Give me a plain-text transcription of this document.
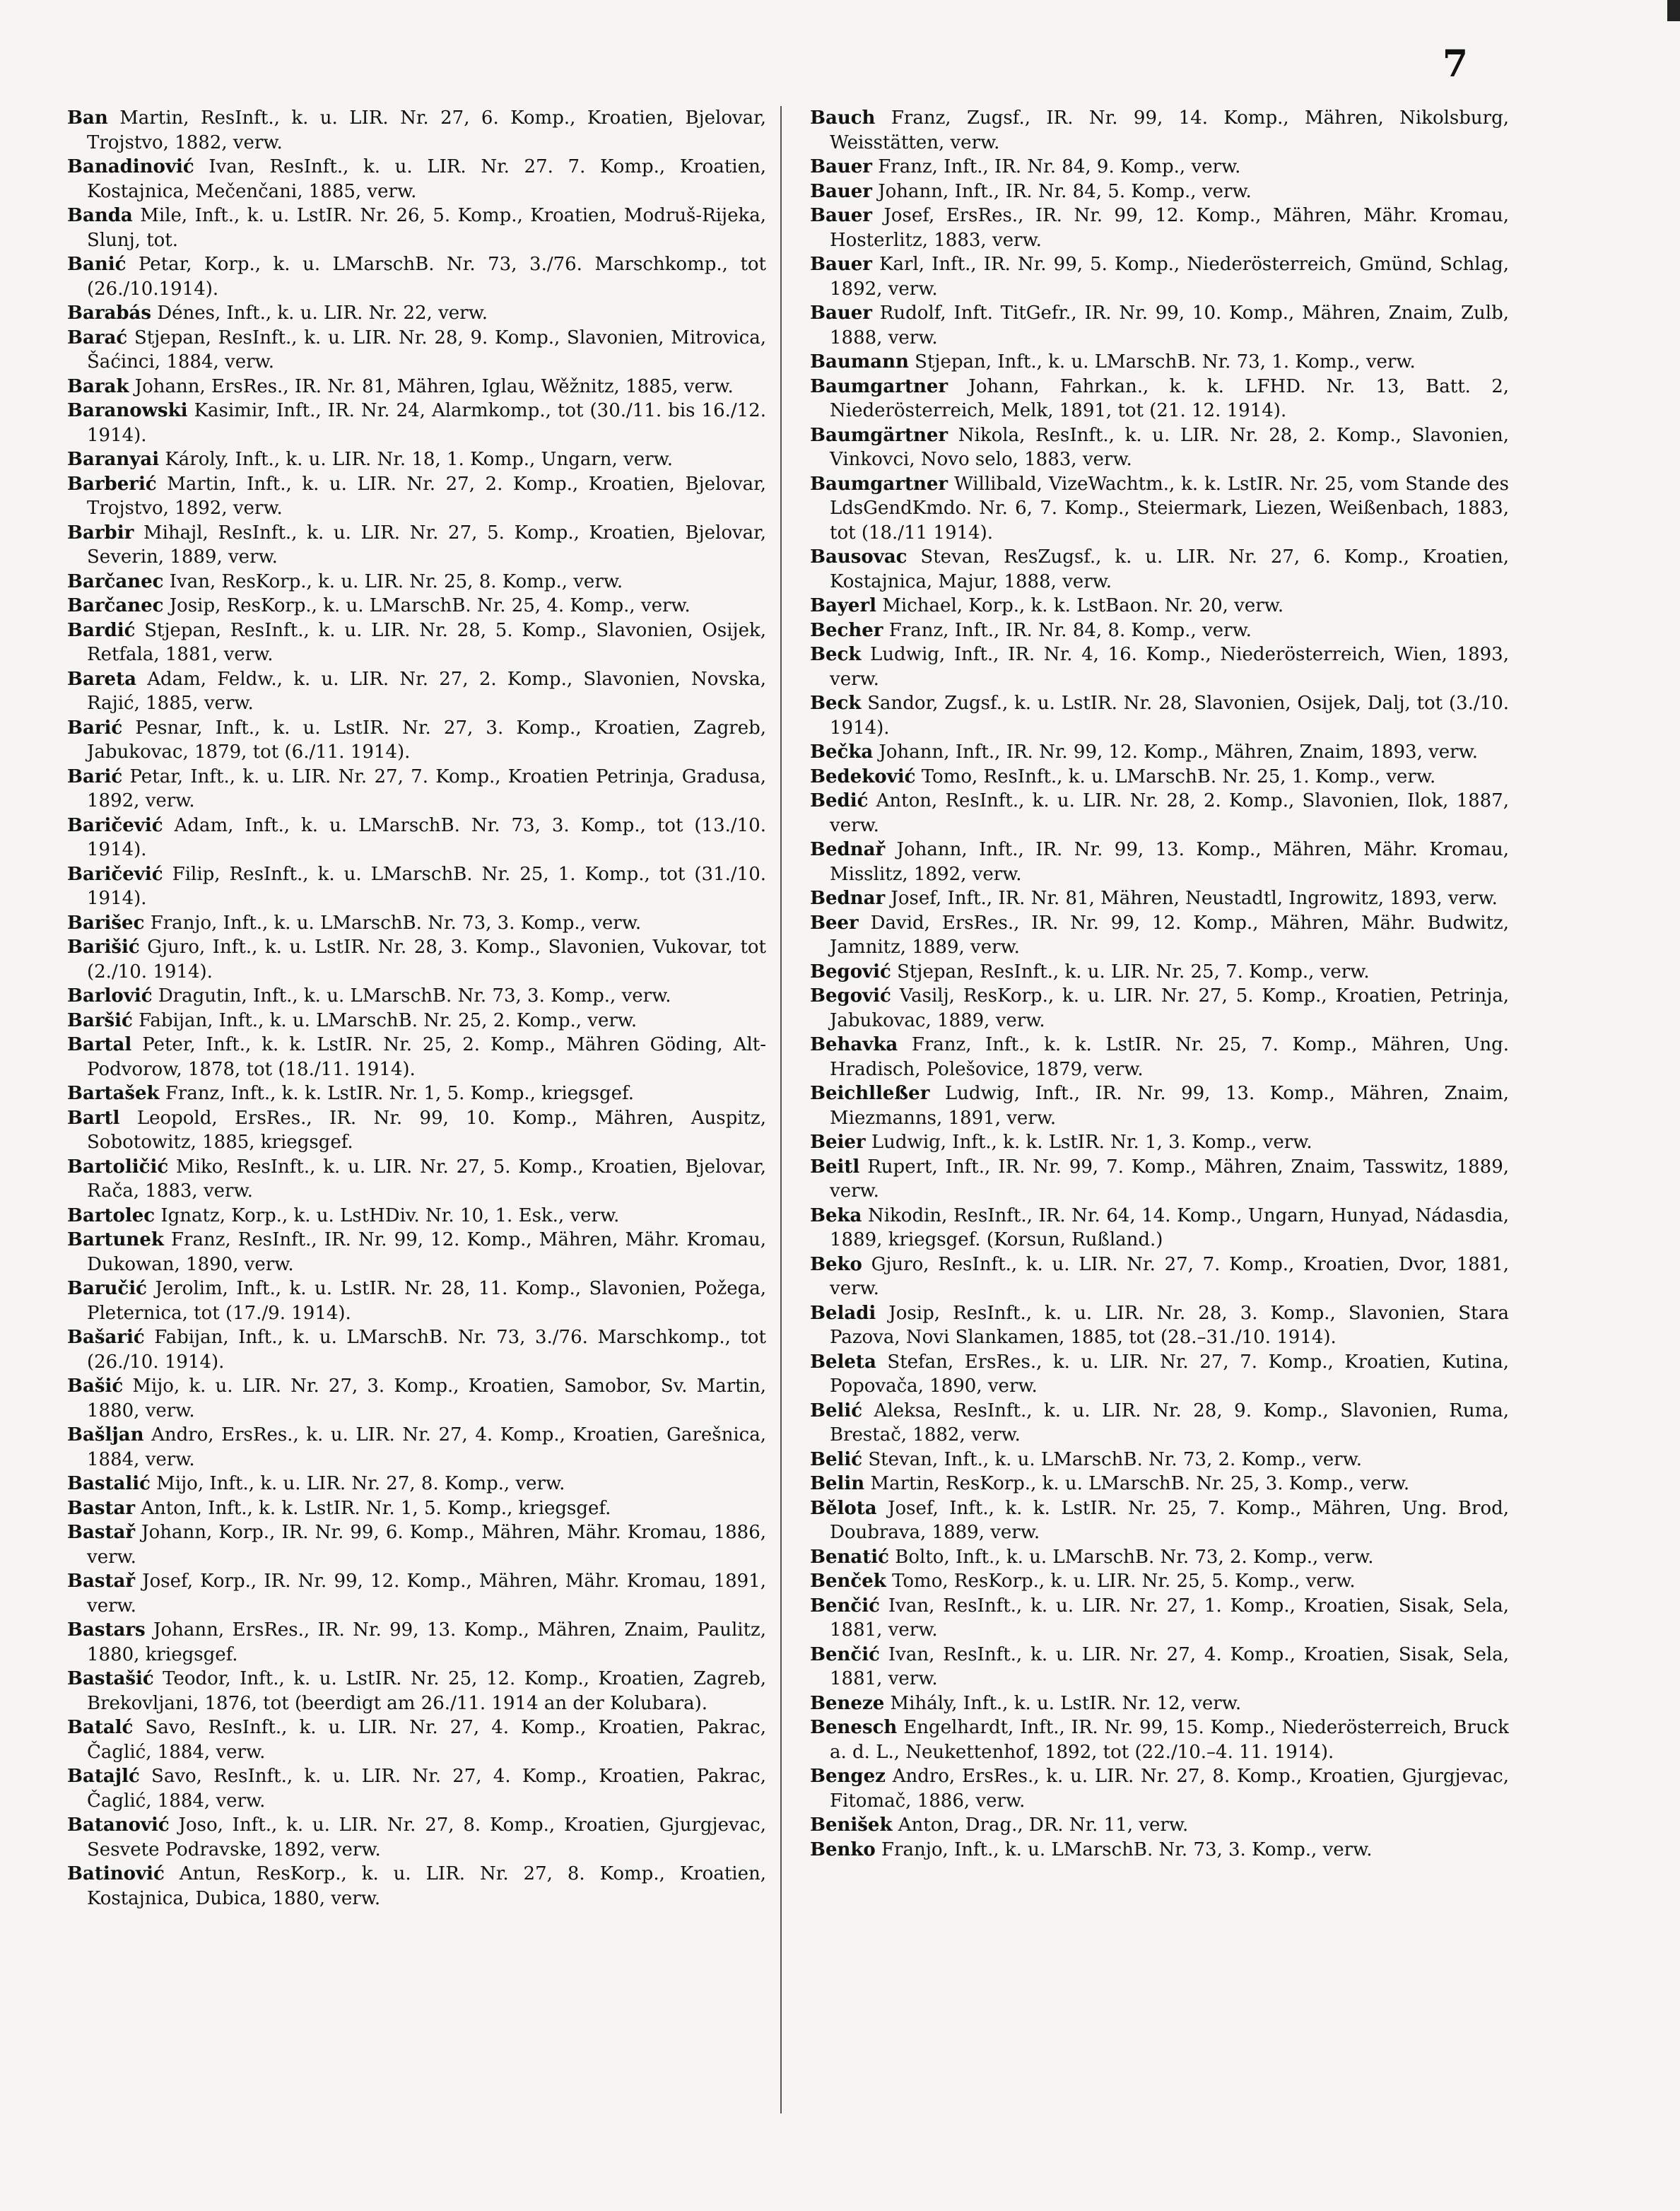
7

Ban Martin, ResInft., k. u. LIR. Nr. 27, 6. Komp., Kroatien, Bjelovar, Trojstvo, 1882, verw.

Banadinović Ivan, ResInft., k. u. LIR. Nr. 27. 7. Komp., Kroatien, Kostajnica, Mečenčani, 1885, verw.

Banda Mile, Inft., k. u. LstIR. Nr. 26, 5. Komp., Kroatien, Modruš-Rijeka, Slunj, tot.

Banić Petar, Korp., k. u. LMarschB. Nr. 73, 3./76. Marschkomp., tot (26./10.1914).

Barabás Dénes, Inft., k. u. LIR. Nr. 22, verw.

Barać Stjepan, ResInft., k. u. LIR. Nr. 28, 9. Komp., Slavonien, Mitrovica, Šaćinci, 1884, verw.

Barak Johann, ErsRes., IR. Nr. 81, Mähren, Iglau, Wěžnitz, 1885, verw.

Baranowski Kasimir, Inft., IR. Nr. 24, Alarmkomp., tot (30./11. bis 16./12. 1914).

Baranyai Károly, Inft., k. u. LIR. Nr. 18, 1. Komp., Ungarn, verw.

Barberić Martin, Inft., k. u. LIR. Nr. 27, 2. Komp., Kroatien, Bjelovar, Trojstvo, 1892, verw.

Barbir Mihajl, ResInft., k. u. LIR. Nr. 27, 5. Komp., Kroatien, Bjelovar, Severin, 1889, verw.

Barčanec Ivan, ResKorp., k. u. LIR. Nr. 25, 8. Komp., verw.

Barčanec Josip, ResKorp., k. u. LMarschB. Nr. 25, 4. Komp., verw.

Bardić Stjepan, ResInft., k. u. LIR. Nr. 28, 5. Komp., Slavonien, Osijek, Retfala, 1881, verw.

Bareta Adam, Feldw., k. u. LIR. Nr. 27, 2. Komp., Slavonien, Novska, Rajić, 1885, verw.

Barić Pesnar, Inft., k. u. LstIR. Nr. 27, 3. Komp., Kroatien, Zagreb, Jabukovac, 1879, tot (6./11. 1914).

Barić Petar, Inft., k. u. LIR. Nr. 27, 7. Komp., Kroatien Petrinja, Gradusa, 1892, verw.

Baričević Adam, Inft., k. u. LMarschB. Nr. 73, 3. Komp., tot (13./10. 1914).

Baričević Filip, ResInft., k. u. LMarschB. Nr. 25, 1. Komp., tot (31./10. 1914).

Barišec Franjo, Inft., k. u. LMarschB. Nr. 73, 3. Komp., verw.

Barišić Gjuro, Inft., k. u. LstIR. Nr. 28, 3. Komp., Slavonien, Vukovar, tot (2./10. 1914).

Barlović Dragutin, Inft., k. u. LMarschB. Nr. 73, 3. Komp., verw.

Baršić Fabijan, Inft., k. u. LMarschB. Nr. 25, 2. Komp., verw.

Bartal Peter, Inft., k. k. LstIR. Nr. 25, 2. Komp., Mähren Göding, Alt-Podvorow, 1878, tot (18./11. 1914).

Bartašek Franz, Inft., k. k. LstIR. Nr. 1, 5. Komp., kriegsgef.

Bartl Leopold, ErsRes., IR. Nr. 99, 10. Komp., Mähren, Auspitz, Sobotowitz, 1885, kriegsgef.

Bartoličić Miko, ResInft., k. u. LIR. Nr. 27, 5. Komp., Kroatien, Bjelovar, Rača, 1883, verw.

Bartolec Ignatz, Korp., k. u. LstHDiv. Nr. 10, 1. Esk., verw.

Bartunek Franz, ResInft., IR. Nr. 99, 12. Komp., Mähren, Mähr. Kromau, Dukowan, 1890, verw.

Baručić Jerolim, Inft., k. u. LstIR. Nr. 28, 11. Komp., Slavonien, Požega, Pleternica, tot (17./9. 1914).

Bašarić Fabijan, Inft., k. u. LMarschB. Nr. 73, 3./76. Marschkomp., tot (26./10. 1914).

Bašić Mijo, k. u. LIR. Nr. 27, 3. Komp., Kroatien, Samobor, Sv. Martin, 1880, verw.

Bašljan Andro, ErsRes., k. u. LIR. Nr. 27, 4. Komp., Kroatien, Garešnica, 1884, verw.

Bastalić Mijo, Inft., k. u. LIR. Nr. 27, 8. Komp., verw.

Bastar Anton, Inft., k. k. LstIR. Nr. 1, 5. Komp., kriegsgef.

Bastař Johann, Korp., IR. Nr. 99, 6. Komp., Mähren, Mähr. Kromau, 1886, verw.

Bastař Josef, Korp., IR. Nr. 99, 12. Komp., Mähren, Mähr. Kromau, 1891, verw.

Bastars Johann, ErsRes., IR. Nr. 99, 13. Komp., Mähren, Znaim, Paulitz, 1880, kriegsgef.

Bastašić Teodor, Inft., k. u. LstIR. Nr. 25, 12. Komp., Kroatien, Zagreb, Brekovljani, 1876, tot (beerdigt am 26./11. 1914 an der Kolubara).

Batalć Savo, ResInft., k. u. LIR. Nr. 27, 4. Komp., Kroatien, Pakrac, Čaglić, 1884, verw.

Batajlć Savo, ResInft., k. u. LIR. Nr. 27, 4. Komp., Kroatien, Pakrac, Čaglić, 1884, verw.

Batanović Joso, Inft., k. u. LIR. Nr. 27, 8. Komp., Kroatien, Gjurgjevac, Sesvete Podravske, 1892, verw.

Batinović Antun, ResKorp., k. u. LIR. Nr. 27, 8. Komp., Kroatien, Kostajnica, Dubica, 1880, verw.

Bauch Franz, Zugsf., IR. Nr. 99, 14. Komp., Mähren, Nikolsburg, Weisstätten, verw.

Bauer Franz, Inft., IR. Nr. 84, 9. Komp., verw.

Bauer Johann, Inft., IR. Nr. 84, 5. Komp., verw.

Bauer Josef, ErsRes., IR. Nr. 99, 12. Komp., Mähren, Mähr. Kromau, Hosterlitz, 1883, verw.

Bauer Karl, Inft., IR. Nr. 99, 5. Komp., Niederösterreich, Gmünd, Schlag, 1892, verw.

Bauer Rudolf, Inft. TitGefr., IR. Nr. 99, 10. Komp., Mähren, Znaim, Zulb, 1888, verw.

Baumann Stjepan, Inft., k. u. LMarschB. Nr. 73, 1. Komp., verw.

Baumgartner Johann, Fahrkan., k. k. LFHD. Nr. 13, Batt. 2, Niederösterreich, Melk, 1891, tot (21. 12. 1914).

Baumgärtner Nikola, ResInft., k. u. LIR. Nr. 28, 2. Komp., Slavonien, Vinkovci, Novo selo, 1883, verw.

Baumgartner Willibald, VizeWachtm., k. k. LstIR. Nr. 25, vom Stande des LdsGendKmdo. Nr. 6, 7. Komp., Steiermark, Liezen, Weißenbach, 1883, tot (18./11 1914).

Bausovac Stevan, ResZugsf., k. u. LIR. Nr. 27, 6. Komp., Kroatien, Kostajnica, Majur, 1888, verw.

Bayerl Michael, Korp., k. k. LstBaon. Nr. 20, verw.

Becher Franz, Inft., IR. Nr. 84, 8. Komp., verw.

Beck Ludwig, Inft., IR. Nr. 4, 16. Komp., Niederösterreich, Wien, 1893, verw.

Beck Sandor, Zugsf., k. u. LstIR. Nr. 28, Slavonien, Osijek, Dalj, tot (3./10. 1914).

Bečka Johann, Inft., IR. Nr. 99, 12. Komp., Mähren, Znaim, 1893, verw.

Bedeković Tomo, ResInft., k. u. LMarschB. Nr. 25, 1. Komp., verw.

Bedić Anton, ResInft., k. u. LIR. Nr. 28, 2. Komp., Slavonien, Ilok, 1887, verw.

Bednař Johann, Inft., IR. Nr. 99, 13. Komp., Mähren, Mähr. Kromau, Misslitz, 1892, verw.

Bednar Josef, Inft., IR. Nr. 81, Mähren, Neustadtl, Ingrowitz, 1893, verw.

Beer David, ErsRes., IR. Nr. 99, 12. Komp., Mähren, Mähr. Budwitz, Jamnitz, 1889, verw.

Begović Stjepan, ResInft., k. u. LIR. Nr. 25, 7. Komp., verw.

Begović Vasilj, ResKorp., k. u. LIR. Nr. 27, 5. Komp., Kroatien, Petrinja, Jabukovac, 1889, verw.

Behavka Franz, Inft., k. k. LstIR. Nr. 25, 7. Komp., Mähren, Ung. Hradisch, Polešovice, 1879, verw.

Beichlleßer Ludwig, Inft., IR. Nr. 99, 13. Komp., Mähren, Znaim, Miezmanns, 1891, verw.

Beier Ludwig, Inft., k. k. LstIR. Nr. 1, 3. Komp., verw.

Beitl Rupert, Inft., IR. Nr. 99, 7. Komp., Mähren, Znaim, Tasswitz, 1889, verw.

Beka Nikodin, ResInft., IR. Nr. 64, 14. Komp., Ungarn, Hunyad, Nádasdia, 1889, kriegsgef. (Korsun, Rußland.)

Beko Gjuro, ResInft., k. u. LIR. Nr. 27, 7. Komp., Kroatien, Dvor, 1881, verw.

Beladi Josip, ResInft., k. u. LIR. Nr. 28, 3. Komp., Slavonien, Stara Pazova, Novi Slankamen, 1885, tot (28.–31./10. 1914).

Beleta Stefan, ErsRes., k. u. LIR. Nr. 27, 7. Komp., Kroatien, Kutina, Popovača, 1890, verw.

Belić Aleksa, ResInft., k. u. LIR. Nr. 28, 9. Komp., Slavonien, Ruma, Brestač, 1882, verw.

Belić Stevan, Inft., k. u. LMarschB. Nr. 73, 2. Komp., verw.

Belin Martin, ResKorp., k. u. LMarschB. Nr. 25, 3. Komp., verw.

Bělota Josef, Inft., k. k. LstIR. Nr. 25, 7. Komp., Mähren, Ung. Brod, Doubrava, 1889, verw.

Benatić Bolto, Inft., k. u. LMarschB. Nr. 73, 2. Komp., verw.

Benček Tomo, ResKorp., k. u. LIR. Nr. 25, 5. Komp., verw.

Benčić Ivan, ResInft., k. u. LIR. Nr. 27, 1. Komp., Kroatien, Sisak, Sela, 1881, verw.

Benčić Ivan, ResInft., k. u. LIR. Nr. 27, 4. Komp., Kroatien, Sisak, Sela, 1881, verw.

Beneze Mihály, Inft., k. u. LstIR. Nr. 12, verw.

Benesch Engelhardt, Inft., IR. Nr. 99, 15. Komp., Niederösterreich, Bruck a. d. L., Neukettenhof, 1892, tot (22./10.–4. 11. 1914).

Bengez Andro, ErsRes., k. u. LIR. Nr. 27, 8. Komp., Kroatien, Gjurgjevac, Fitomač, 1886, verw.

Benišek Anton, Drag., DR. Nr. 11, verw.

Benko Franjo, Inft., k. u. LMarschB. Nr. 73, 3. Komp., verw.
